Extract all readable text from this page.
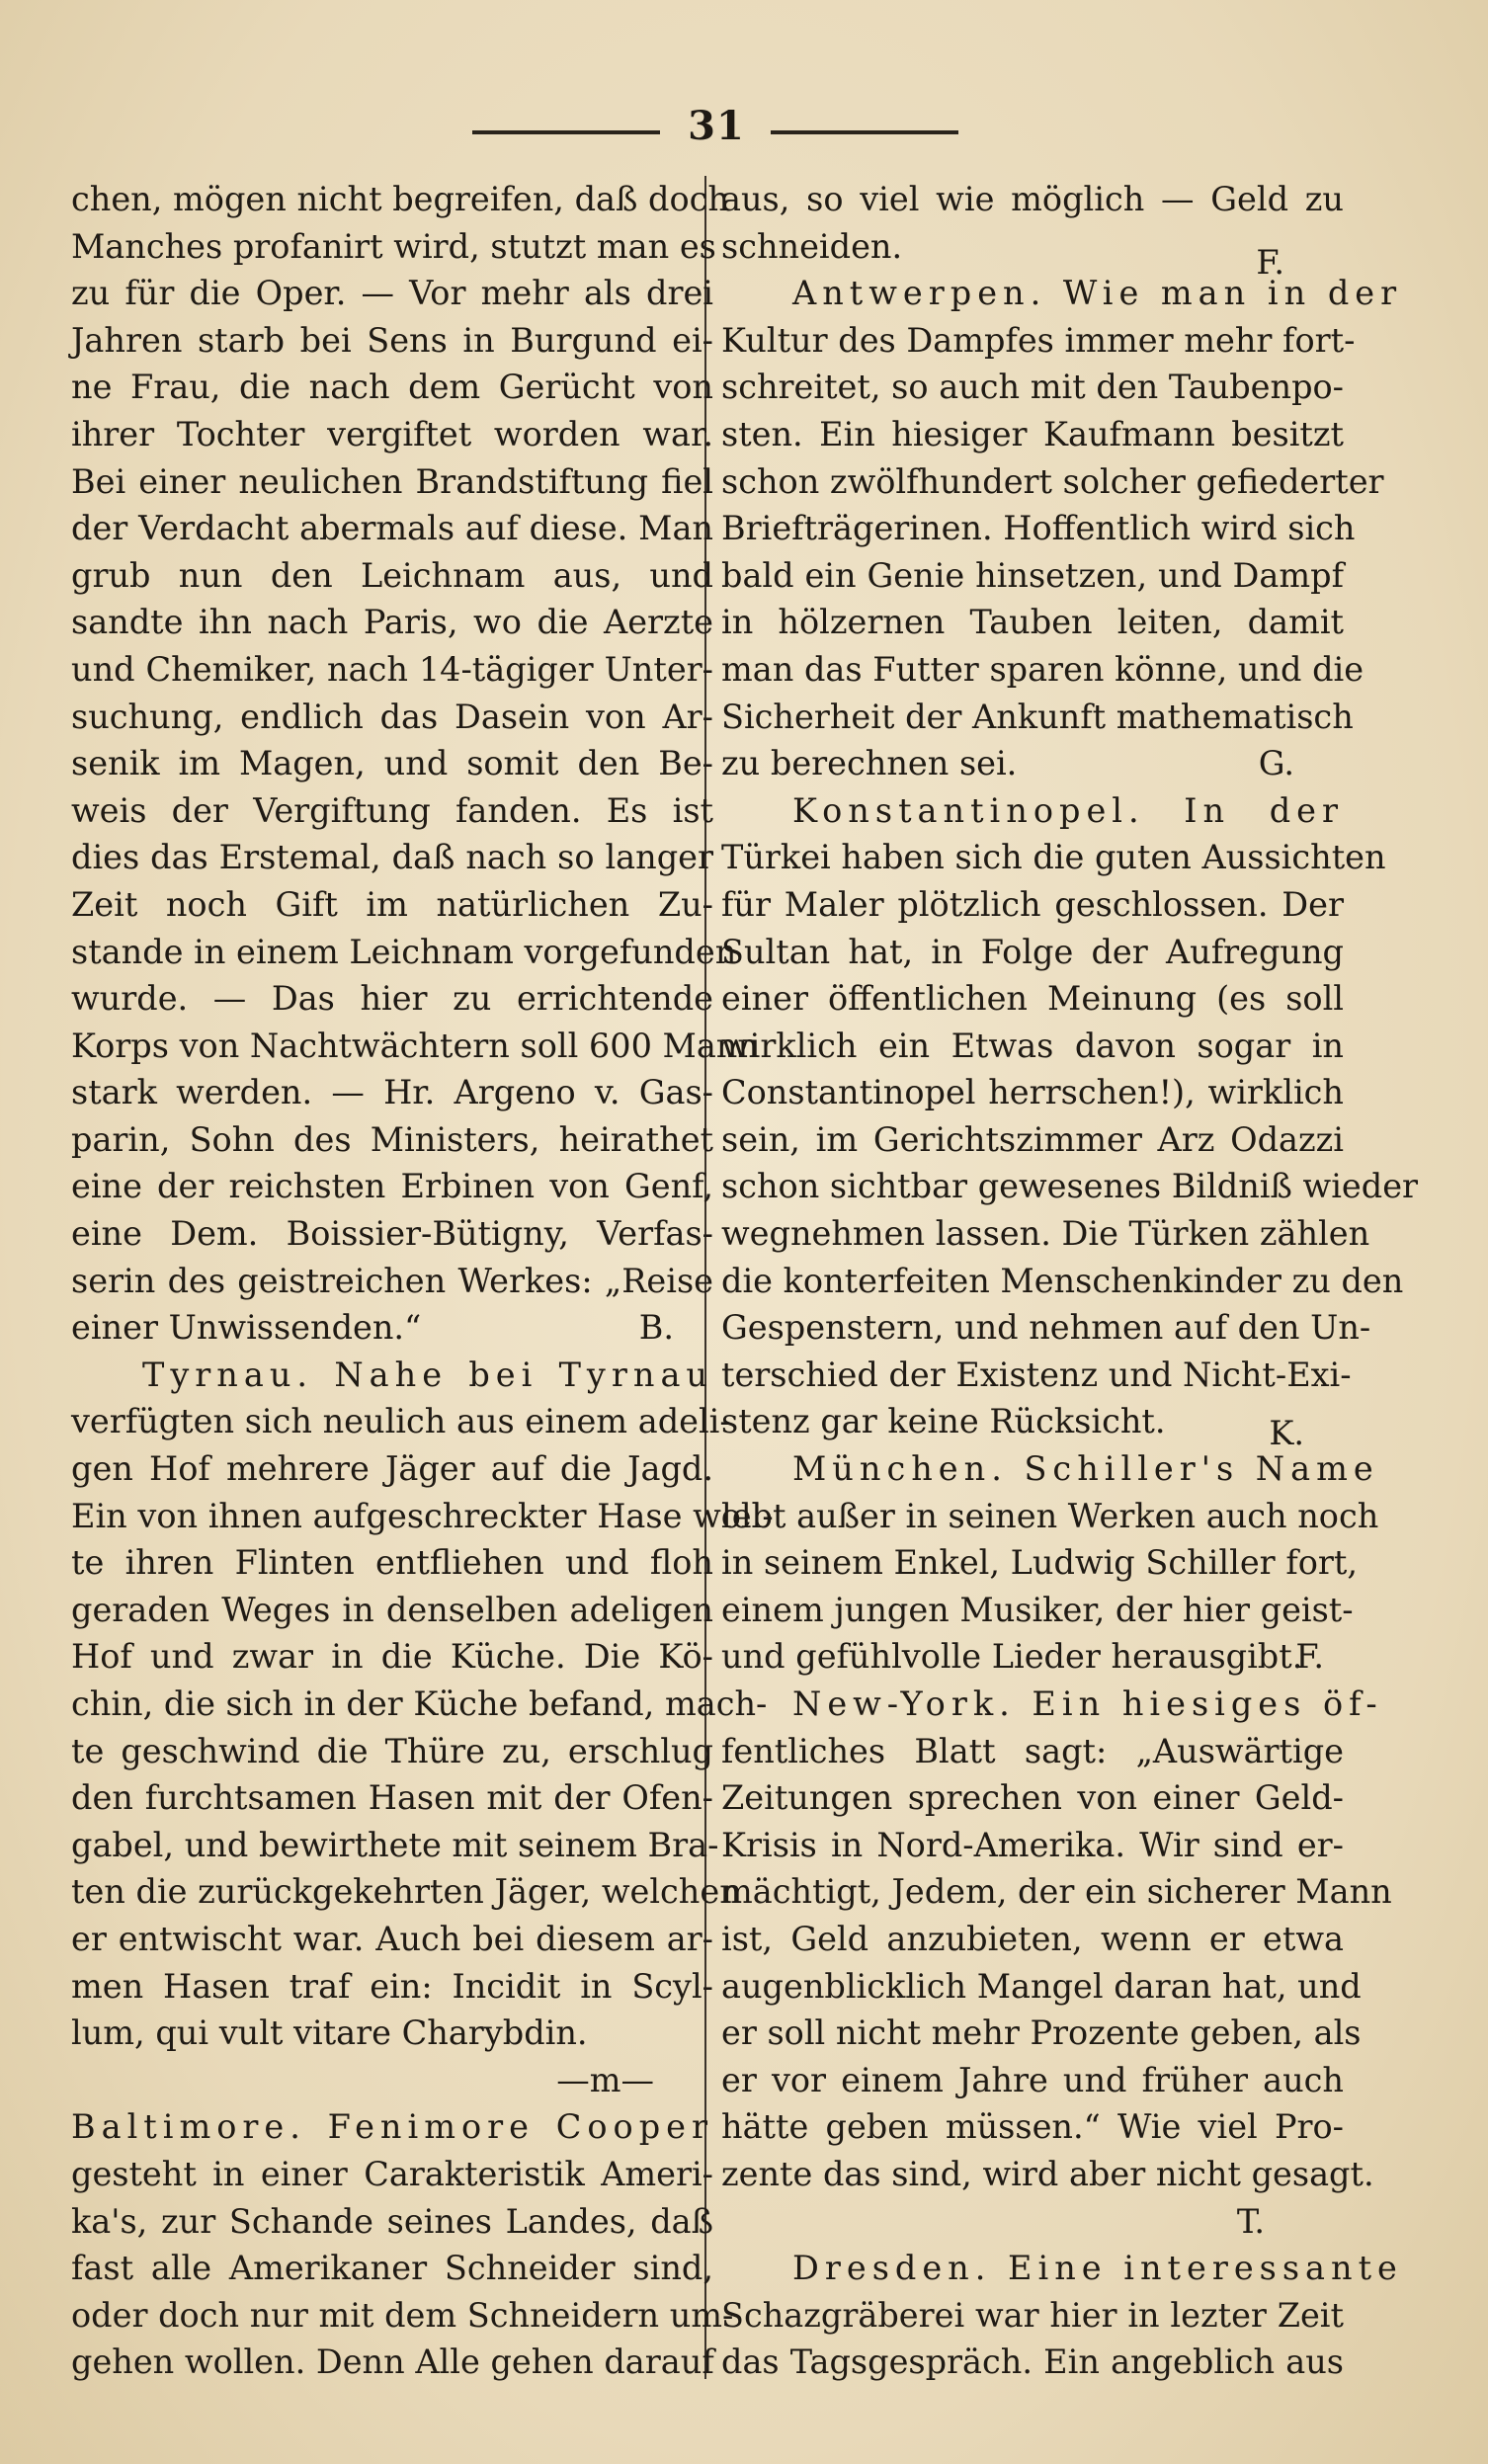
31
chen, mögen nicht begreifen, daß doch
Manches profanirt wird, stutzt man es
zu für die Oper. — Vor mehr als drei
Jahren starb bei Sens in Burgund ei-
ne Frau, die nach dem Gerücht von
ihrer Tochter vergiftet worden war.
Bei einer neulichen Brandstiftung fiel
der Verdacht abermals auf diese. Man
grub nun den Leichnam aus, und
sandte ihn nach Paris, wo die Aerzte
und Chemiker, nach 14-tägiger Unter-
suchung, endlich das Dasein von Ar-
senik im Magen, und somit den Be-
weis der Vergiftung fanden. Es ist
dies das Erstemal, daß nach so langer
Zeit noch Gift im natürlichen Zu-
stande in einem Leichnam vorgefunden
wurde. — Das hier zu errichtende
Korps von Nachtwächtern soll 600 Mann
stark werden. — Hr. Argeno v. Gas-
parin, Sohn des Ministers, heirathet
eine der reichsten Erbinen von Genf,
eine Dem. Boissier-Bütigny, Verfas-
serin des geistreichen Werkes: „Reise
einer Unwissenden.“	B.
Tyrnau. Nahe bei Tyrnau
verfügten sich neulich aus einem adeli-
gen Hof mehrere Jäger auf die Jagd.
Ein von ihnen aufgeschreckter Hase woll-
te ihren Flinten entfliehen und floh
geraden Weges in denselben adeligen
Hof und zwar in die Küche. Die Kö-
chin, die sich in der Küche befand, mach-
te geschwind die Thüre zu, erschlug
den furchtsamen Hasen mit der Ofen-
gabel, und bewirthete mit seinem Bra-
ten die zurückgekehrten Jäger, welchen
er entwischt war. Auch bei diesem ar-
men Hasen traf ein: Incidit in Scyl-
lum, qui vult vitare Charybdin.
—m—
Baltimore. Fenimore Cooper
gesteht in einer Carakteristik Ameri-
ka's, zur Schande seines Landes, daß
fast alle Amerikaner Schneider sind,
oder doch nur mit dem Schneidern um-
gehen wollen. Denn Alle gehen darauf
aus, so viel wie möglich — Geld zu
schneiden.	F.
Antwerpen. Wie man in der
Kultur des Dampfes immer mehr fort-
schreitet, so auch mit den Taubenpo-
sten. Ein hiesiger Kaufmann besitzt
schon zwölfhundert solcher gefiederter
Briefträgerinen. Hoffentlich wird sich
bald ein Genie hinsetzen, und Dampf
in hölzernen Tauben leiten, damit
man das Futter sparen könne, und die
Sicherheit der Ankunft mathematisch
zu berechnen sei.	G.
Konstantinopel. In der
Türkei haben sich die guten Aussichten
für Maler plötzlich geschlossen. Der
Sultan hat, in Folge der Aufregung
einer öffentlichen Meinung (es soll
wirklich ein Etwas davon sogar in
Constantinopel herrschen!), wirklich
sein, im Gerichtszimmer Arz Odazzi
schon sichtbar gewesenes Bildniß wieder
wegnehmen lassen. Die Türken zählen
die konterfeiten Menschenkinder zu den
Gespenstern, und nehmen auf den Un-
terschied der Existenz und Nicht-Exi-
stenz gar keine Rücksicht.	K.
München. Schiller's Name
lebt außer in seinen Werken auch noch
in seinem Enkel, Ludwig Schiller fort,
einem jungen Musiker, der hier geist-
und gefühlvolle Lieder herausgibt.
F.
New-York. Ein hiesiges öf-
fentliches Blatt sagt: „Auswärtige
Zeitungen sprechen von einer Geld-
Krisis in Nord-Amerika. Wir sind er-
mächtigt, Jedem, der ein sicherer Mann
ist, Geld anzubieten, wenn er etwa
augenblicklich Mangel daran hat, und
er soll nicht mehr Prozente geben, als
er vor einem Jahre und früher auch
hätte geben müssen.“ Wie viel Pro-
zente das sind, wird aber nicht gesagt.
T.
Dresden. Eine interessante
Schazgräberei war hier in lezter Zeit
das Tagsgespräch. Ein angeblich aus
